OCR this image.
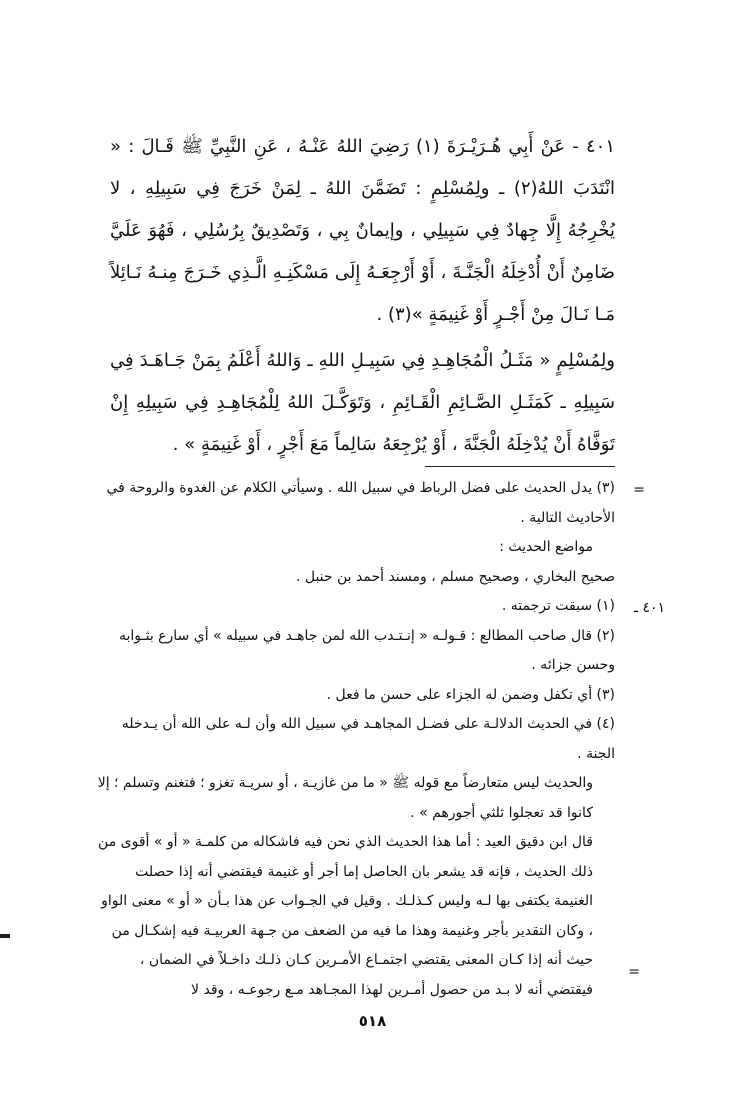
٤٠١ - عَنْ أَبِي هُـرَيْـرَةَ (١) رَضِيَ اللهُ عَنْـهُ ، عَنِ النَّبِيِّ ﷺ قَـالَ : « انْتَدَبَ اللهُ(٢) ـ ولِمُسْلِمٍ : تَضَمَّنَ اللهُ ـ لِمَنْ خَرَجَ فِي سَبِيلِهِ ، لا يُخْرِجُهُ إِلَّا جِهادٌ فِي سَبِيلِي ، وإيمانٌ بِي ، وَتَصْدِيقٌ بِرُسُلِي ، فَهُوَ عَلَيَّ ضَامِنٌ أَنْ أُدْخِلَهُ الْجَنَّـةَ ، أَوْ أَرْجِعَـهُ إِلَى مَسْكَنِـهِ الَّـذِي خَـرَجَ مِنـهُ نَـائِلاً مَـا نَـالَ مِنْ أَجْـرٍ أَوْ غَنِيمَةٍ »(٣) .

ولِمُسْلِمٍ « مَثَـلُ الْمُجَاهِـدِ فِي سَبِيـلِ اللهِ ـ وَاللهُ أَعْلَمُ بِمَنْ جَـاهَـدَ فِي سَبِيلِهِ ـ كَمَثَـلِ الصَّـائِمِ الْقَـائِمِ ، وَتَوَكَّـلَ اللهُ لِلْمُجَاهِـدِ فِي سَبِيلِهِ إِنْ تَوَفَّاهُ أَنْ يُدْخِلَهُ الْجَنَّةَ ، أَوْ يُرْجِعَهُ سَالِماً مَعَ أَجْرٍ ، أَوْ غَنِيمَةٍ » .

=
٤٠١ ـ
=

(٣) يدل الحديث على فضل الرباط في سبيل الله . وسيأتي الكلام عن الغدوة والروحة في الأحاديث التالية .

مواضع الحديث :

صحيح البخاري ، وصحيح مسلم ، ومسند أحمد بن حنبل .

(١) سبقت ترجمته .

(٢) قال صاحب المطالع : قـولـه « إنـتـدب الله لمن جاهـد في سبيله » أي سارع بثـوابه وحسن جزائه .

(٣) أي تكفل وضمن له الجزاء على حسن ما فعل .

(٤) في الحديث الدلالـة على فضـل المجاهـد في سبيل الله وأن لـه على الله أن يـدخله الجنة .

والحديث ليس متعارضاً مع قوله ﷺ « ما من غازيـة ، أو سريـة تغزو ؛ فتغنم وتسلم ؛ إلا كانوا قد تعجلوا ثلثي أجورهم » .

قال ابن دقيق العيد : أما هذا الحديث الذي نحن فيه فاشكاله من كلمـة « أو » أقوى من ذلك الحديث ، فإنه قد يشعر بان الحاصل إما أجر أو غنيمة فيقتضي أنه إذا حصلت الغنيمة يكتفى بها لـه وليس كـذلـك . وقيل في الجـواب عن هذا بـأن « أو » معنى الواو ، وكان التقدير بأجر وغنيمة وهذا ما فيه من الضعف من جـهة العربيـة فيه إشكـال من حيث أنه إذا كـان المعنى يقتضي اجتمـاع الأمـرين كـان ذلـك داخـلاً في الضمان ، فيقتضي أنه لا بـد من حصول أمـرين لهذا المجـاهد مـع رجوعـه ، وقد لا

٥١٨
